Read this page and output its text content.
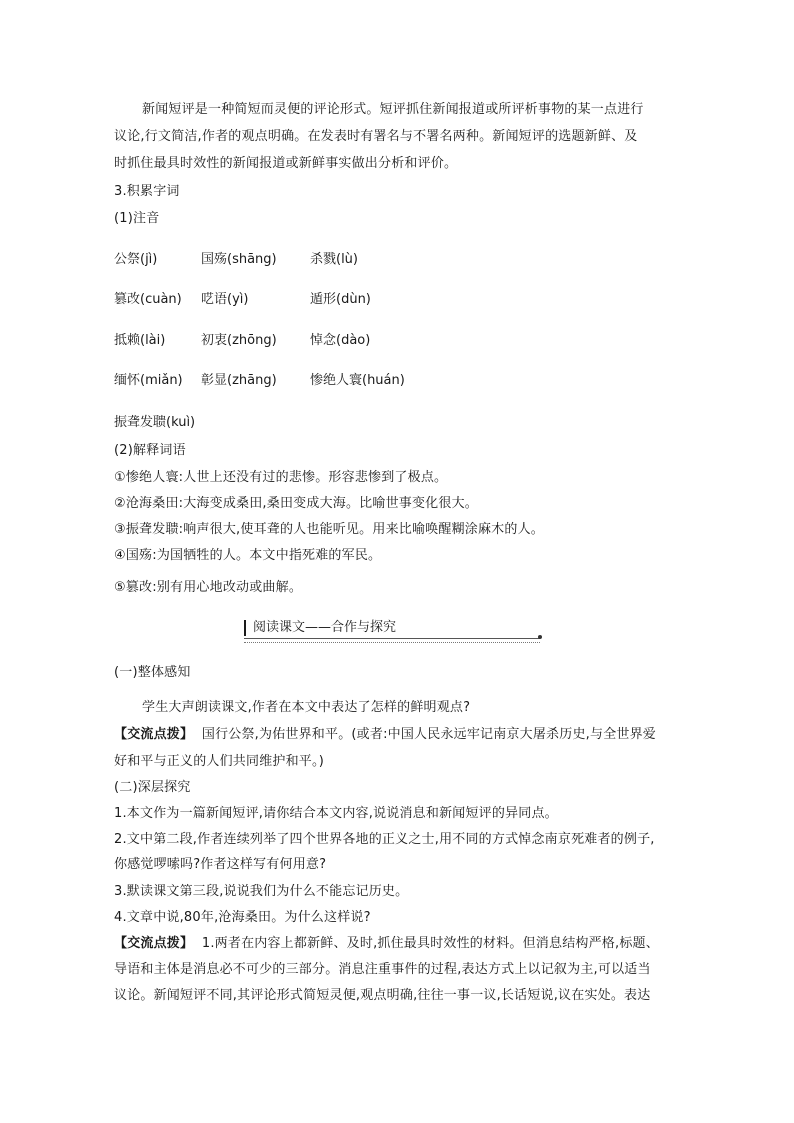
新闻短评是一种简短而灵便的评论形式。短评抓住新闻报道或所评析事物的某一点进行
议论,行文简洁,作者的观点明确。在发表时有署名与不署名两种。新闻短评的选题新鲜、及
时抓住最具时效性的新闻报道或新鲜事实做出分析和评价。
3.积累字词
(1)注音
公祭(jì)	国殇(shāng)	杀戮(lù)
篡改(cuàn) 呓语(yì)	遁形(dùn)
抵赖(lài)	初衷(zhōng)	悼念(dào)
缅怀(miǎn) 彰显(zhāng)	惨绝人寰(huán)
振聋发聩(kuì)
(2)解释词语
①惨绝人寰:人世上还没有过的悲惨。形容悲惨到了极点。
②沧海桑田:大海变成桑田,桑田变成大海。比喻世事变化很大。
③振聋发聩:响声很大,使耳聋的人也能听见。用来比喻唤醒糊涂麻木的人。
④国殇:为国牺牲的人。本文中指死难的军民。
⑤篡改:别有用心地改动或曲解。
阅读课文——合作与探究
(一)整体感知
学生大声朗读课文,作者在本文中表达了怎样的鲜明观点?
【交流点拨】 国行公祭,为佑世界和平。(或者:中国人民永远牢记南京大屠杀历史,与全世界爱
好和平与正义的人们共同维护和平。)
(二)深层探究
1.本文作为一篇新闻短评,请你结合本文内容,说说消息和新闻短评的异同点。
2.文中第二段,作者连续列举了四个世界各地的正义之士,用不同的方式悼念南京死难者的例子,
你感觉啰嗦吗?作者这样写有何用意?
3.默读课文第三段,说说我们为什么不能忘记历史。
4.文章中说,80年,沧海桑田。为什么这样说?
【交流点拨】 1.两者在内容上都新鲜、及时,抓住最具时效性的材料。但消息结构严格,标题、
导语和主体是消息必不可少的三部分。消息注重事件的过程,表达方式上以记叙为主,可以适当
议论。新闻短评不同,其评论形式简短灵便,观点明确,往往一事一议,长话短说,议在实处。表达
